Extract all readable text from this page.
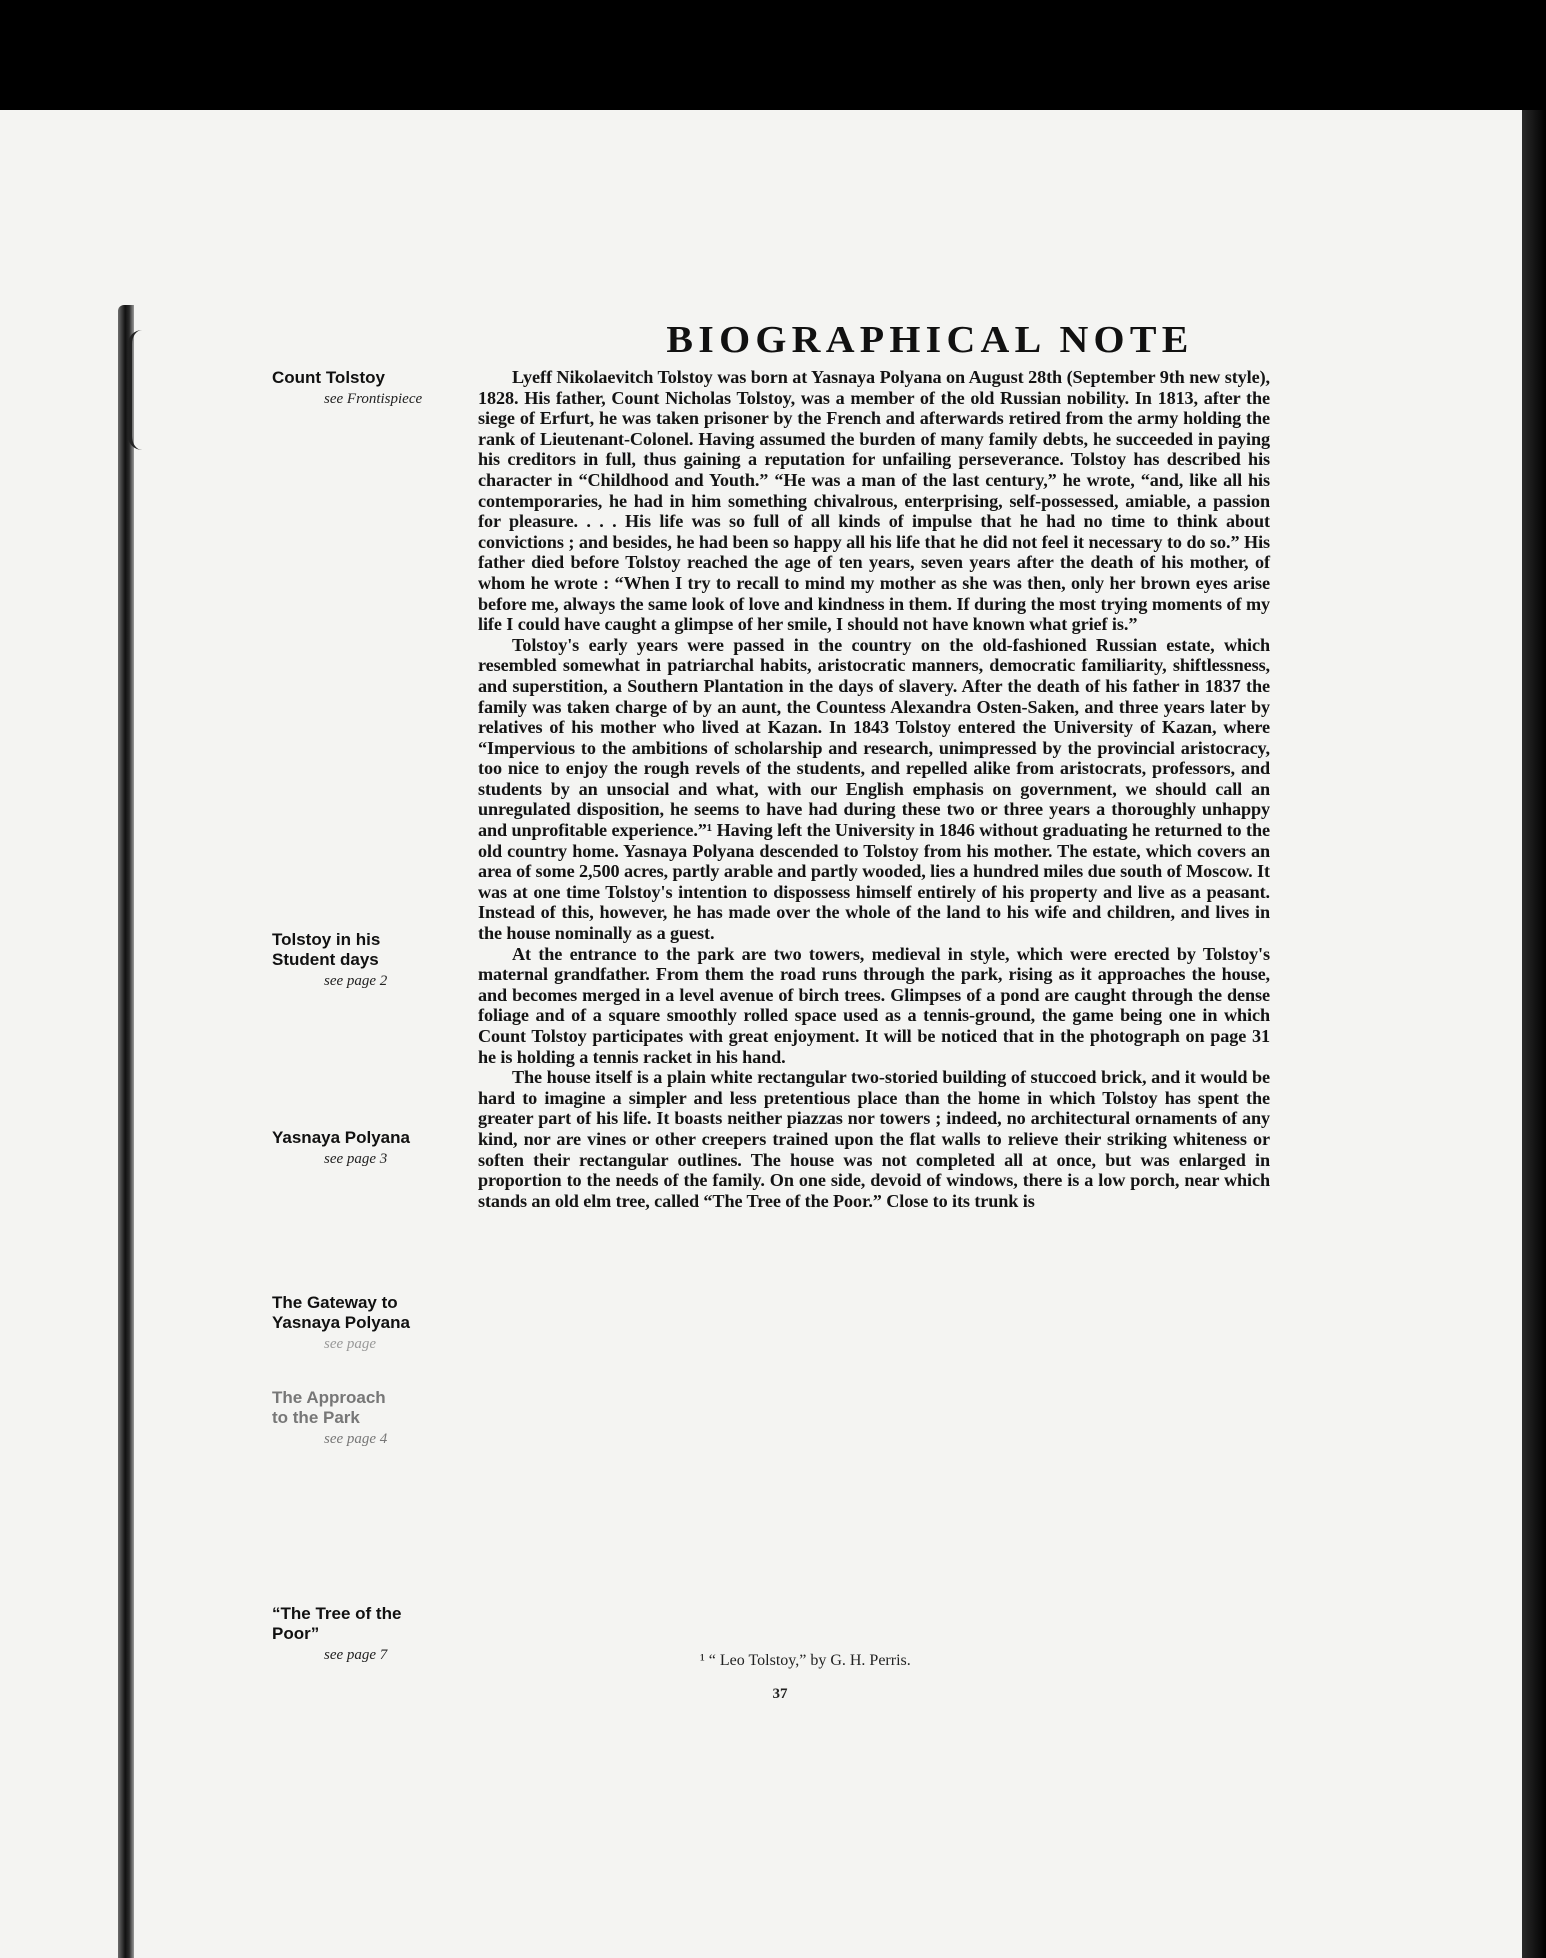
BIOGRAPHICAL NOTE
Count Tolstoy
see Frontispiece
Tolstoy in his
Student days
see page 2
Yasnaya Polyana
see page 3
The Gateway to
Yasnaya Polyana
see page
The Approach
to the Park
see page 4
“The Tree of the
Poor”
see page 7

Lyeff Nikolaevitch Tolstoy was born at Yasnaya Polyana on August 28th (September 9th new style), 1828. His father, Count Nicholas Tolstoy, was a member of the old Russian nobility. In 1813, after the siege of Erfurt, he was taken prisoner by the French and afterwards retired from the army holding the rank of Lieutenant-Colonel. Having assumed the burden of many family debts, he succeeded in paying his creditors in full, thus gaining a reputation for unfailing perseverance. Tolstoy has described his character in “Childhood and Youth.” “He was a man of the last century,” he wrote, “and, like all his contemporaries, he had in him something chivalrous, enterprising, self-possessed, amiable, a passion for pleasure. . . . His life was so full of all kinds of impulse that he had no time to think about convictions ; and besides, he had been so happy all his life that he did not feel it necessary to do so.” His father died before Tolstoy reached the age of ten years, seven years after the death of his mother, of whom he wrote : “When I try to recall to mind my mother as she was then, only her brown eyes arise before me, always the same look of love and kindness in them. If during the most trying moments of my life I could have caught a glimpse of her smile, I should not have known what grief is.”

Tolstoy's early years were passed in the country on the old-fashioned Russian estate, which resembled somewhat in patriarchal habits, aristocratic manners, democratic familiarity, shiftlessness, and superstition, a Southern Plantation in the days of slavery. After the death of his father in 1837 the family was taken charge of by an aunt, the Countess Alexandra Osten-Saken, and three years later by relatives of his mother who lived at Kazan. In 1843 Tolstoy entered the University of Kazan, where “Impervious to the ambitions of scholarship and research, unimpressed by the provincial aristocracy, too nice to enjoy the rough revels of the students, and repelled alike from aristocrats, professors, and students by an unsocial and what, with our English emphasis on government, we should call an unregulated disposition, he seems to have had during these two or three years a thoroughly unhappy and unprofitable experience.”¹ Having left the University in 1846 without graduating he returned to the old country home. Yasnaya Polyana descended to Tolstoy from his mother. The estate, which covers an area of some 2,500 acres, partly arable and partly wooded, lies a hundred miles due south of Moscow. It was at one time Tolstoy's intention to dispossess himself entirely of his property and live as a peasant. Instead of this, however, he has made over the whole of the land to his wife and children, and lives in the house nominally as a guest.

At the entrance to the park are two towers, medieval in style, which were erected by Tolstoy's maternal grandfather. From them the road runs through the park, rising as it approaches the house, and becomes merged in a level avenue of birch trees. Glimpses of a pond are caught through the dense foliage and of a square smoothly rolled space used as a tennis-ground, the game being one in which Count Tolstoy participates with great enjoyment. It will be noticed that in the photograph on page 31 he is holding a tennis racket in his hand.

The house itself is a plain white rectangular two-storied building of stuccoed brick, and it would be hard to imagine a simpler and less pretentious place than the home in which Tolstoy has spent the greater part of his life. It boasts neither piazzas nor towers ; indeed, no architectural ornaments of any kind, nor are vines or other creepers trained upon the flat walls to relieve their striking whiteness or soften their rectangular outlines. The house was not completed all at once, but was enlarged in proportion to the needs of the family. On one side, devoid of windows, there is a low porch, near which stands an old elm tree, called “The Tree of the Poor.” Close to its trunk is

¹ “ Leo Tolstoy,” by G. H. Perris.
37
